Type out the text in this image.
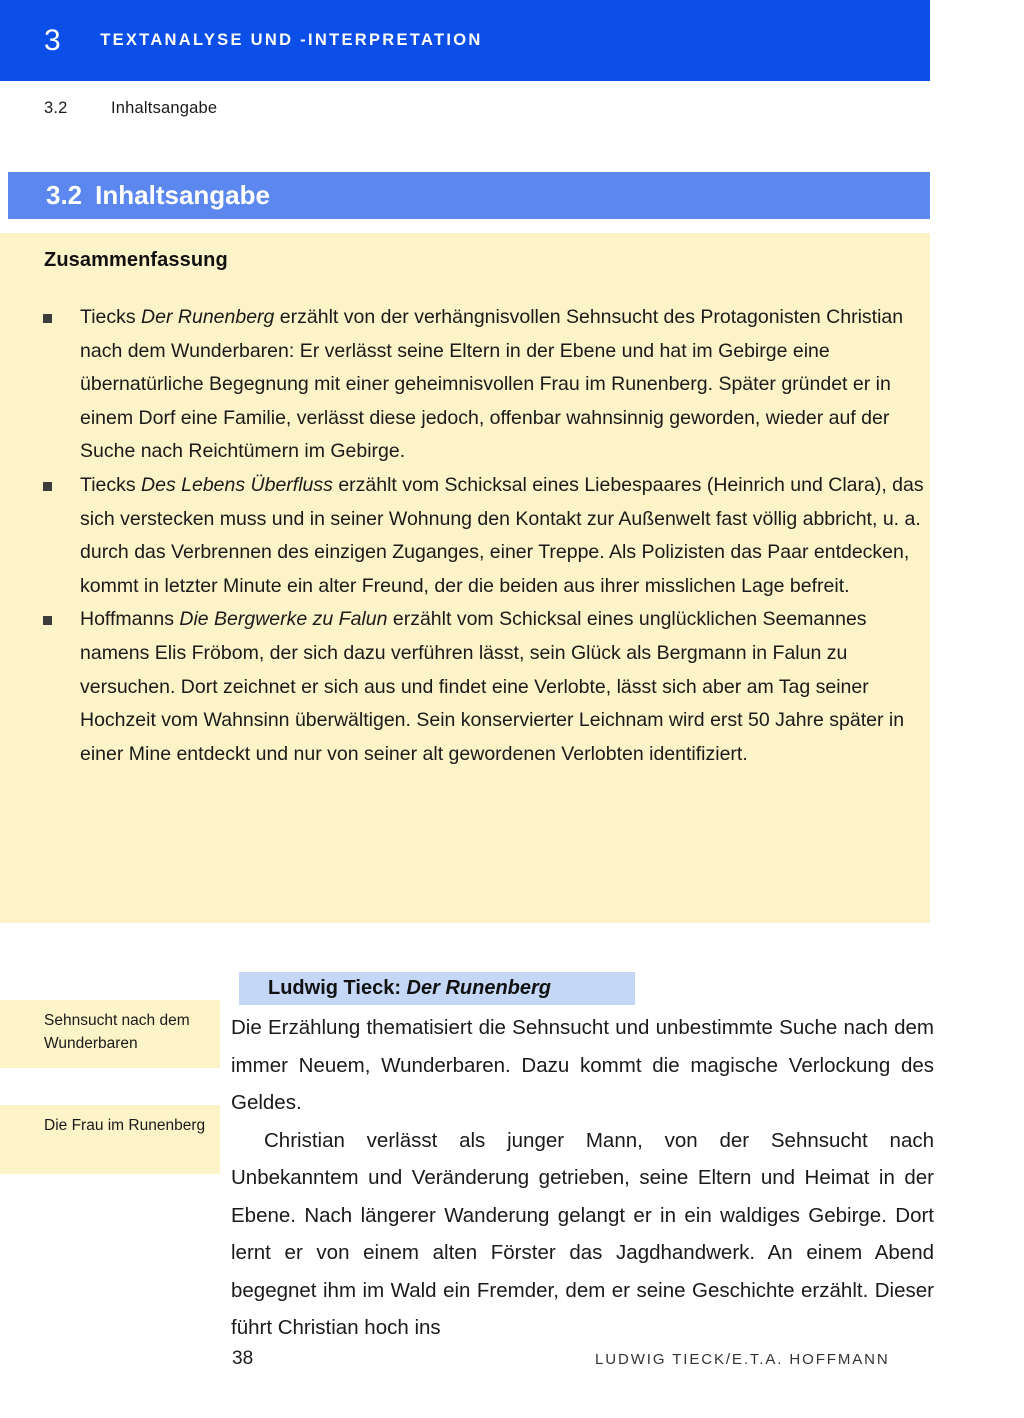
3 TEXTANALYSE UND -INTERPRETATION
3.2	Inhaltsangabe
3.2 Inhaltsangabe
Zusammenfassung
Tiecks Der Runenberg erzählt von der verhängnisvollen Sehnsucht des Protagonisten Christian nach dem Wunderbaren: Er verlässt seine Eltern in der Ebene und hat im Gebirge eine übernatürliche Begegnung mit einer geheimnisvollen Frau im Runenberg. Später gründet er in einem Dorf eine Familie, verlässt diese jedoch, offenbar wahnsinnig geworden, wieder auf der Suche nach Reichtümern im Gebirge.
Tiecks Des Lebens Überfluss erzählt vom Schicksal eines Liebespaares (Heinrich und Clara), das sich verstecken muss und in seiner Wohnung den Kontakt zur Außenwelt fast völlig abbricht, u. a. durch das Verbrennen des einzigen Zuganges, einer Treppe. Als Polizisten das Paar entdecken, kommt in letzter Minute ein alter Freund, der die beiden aus ihrer misslichen Lage befreit.
Hoffmanns Die Bergwerke zu Falun erzählt vom Schicksal eines unglücklichen Seemannes namens Elis Fröbom, der sich dazu verführen lässt, sein Glück als Bergmann in Falun zu versuchen. Dort zeichnet er sich aus und findet eine Verlobte, lässt sich aber am Tag seiner Hochzeit vom Wahnsinn überwältigen. Sein konservierter Leichnam wird erst 50 Jahre später in einer Mine entdeckt und nur von seiner alt gewordenen Verlobten identifiziert.
Ludwig Tieck: Der Runenberg
Sehnsucht nach dem Wunderbaren
Die Frau im Runenberg

Die Erzählung thematisiert die Sehnsucht und unbestimmte Suche nach dem immer Neuem, Wunderbaren. Dazu kommt die magische Verlockung des Geldes.

Christian verlässt als junger Mann, von der Sehnsucht nach Unbekanntem und Veränderung getrieben, seine Eltern und Heimat in der Ebene. Nach längerer Wanderung gelangt er in ein waldiges Gebirge. Dort lernt er von einem alten Förster das Jagdhandwerk. An einem Abend begegnet ihm im Wald ein Fremder, dem er seine Geschichte erzählt. Dieser führt Christian hoch ins

38	LUDWIG TIECK/E.T.A. HOFFMANN
